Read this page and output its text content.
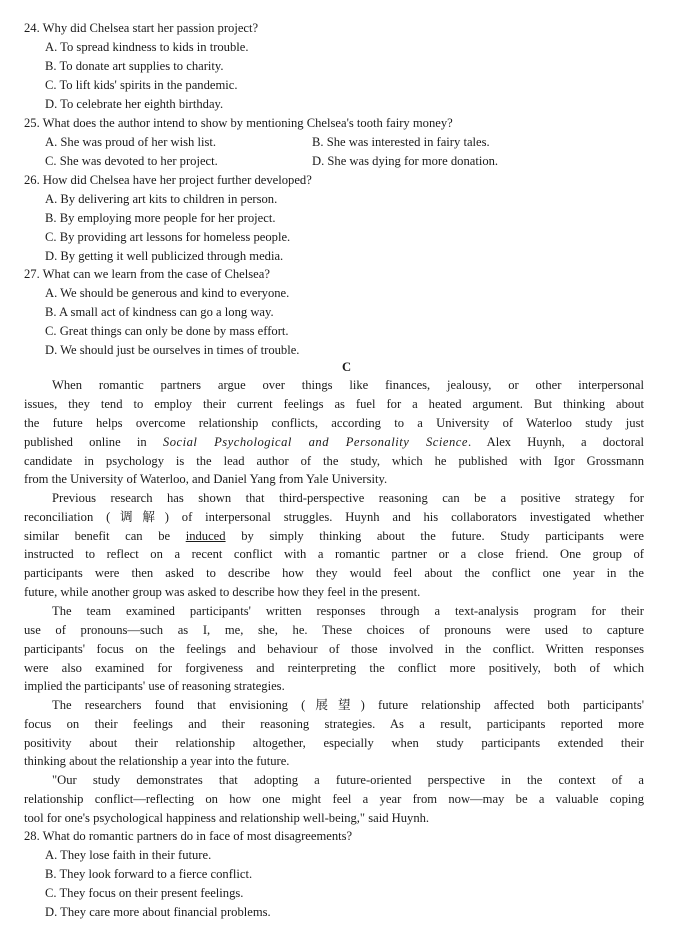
24. Why did Chelsea start her passion project?
A. To spread kindness to kids in trouble.
B. To donate art supplies to charity.
C. To lift kids' spirits in the pandemic.
D. To celebrate her eighth birthday.
25. What does the author intend to show by mentioning Chelsea's tooth fairy money?
A. She was proud of her wish list.	B. She was interested in fairy tales.
C. She was devoted to her project.	D. She was dying for more donation.
26. How did Chelsea have her project further developed?
A. By delivering art kits to children in person.
B. By employing more people for her project.
C. By providing art lessons for homeless people.
D. By getting it well publicized through media.
27. What can we learn from the case of Chelsea?
A. We should be generous and kind to everyone.
B. A small act of kindness can go a long way.
C. Great things can only be done by mass effort.
D. We should just be ourselves in times of trouble.
C
When romantic partners argue over things like finances, jealousy, or other interpersonal
issues, they tend to employ their current feelings as fuel for a heated argument. But thinking about
the future helps overcome relationship conflicts, according to a University of Waterloo study just
published online in Social Psychological and Personality Science. Alex Huynh, a doctoral
candidate in psychology is the lead author of the study, which he published with Igor Grossmann
from the University of Waterloo, and Daniel Yang from Yale University.
Previous research has shown that third-perspective reasoning can be a positive strategy for
reconciliation (调解) of interpersonal struggles. Huynh and his collaborators investigated whether
similar benefit can be induced by simply thinking about the future. Study participants were
instructed to reflect on a recent conflict with a romantic partner or a close friend. One group of
participants were then asked to describe how they would feel about the conflict one year in the
future, while another group was asked to describe how they feel in the present.
The team examined participants' written responses through a text-analysis program for their
use of pronouns—such as I, me, she, he. These choices of pronouns were used to capture
participants' focus on the feelings and behaviour of those involved in the conflict. Written responses
were also examined for forgiveness and reinterpreting the conflict more positively, both of which
implied the participants' use of reasoning strategies.
The researchers found that envisioning (展望) future relationship affected both participants'
focus on their feelings and their reasoning strategies. As a result, participants reported more
positivity about their relationship altogether, especially when study participants extended their
thinking about the relationship a year into the future.
"Our study demonstrates that adopting a future-oriented perspective in the context of a
relationship conflict—reflecting on how one might feel a year from now—may be a valuable coping
tool for one's psychological happiness and relationship well-being," said Huynh.
28. What do romantic partners do in face of most disagreements?
A. They lose faith in their future.
B. They look forward to a fierce conflict.
C. They focus on their present feelings.
D. They care more about financial problems.
